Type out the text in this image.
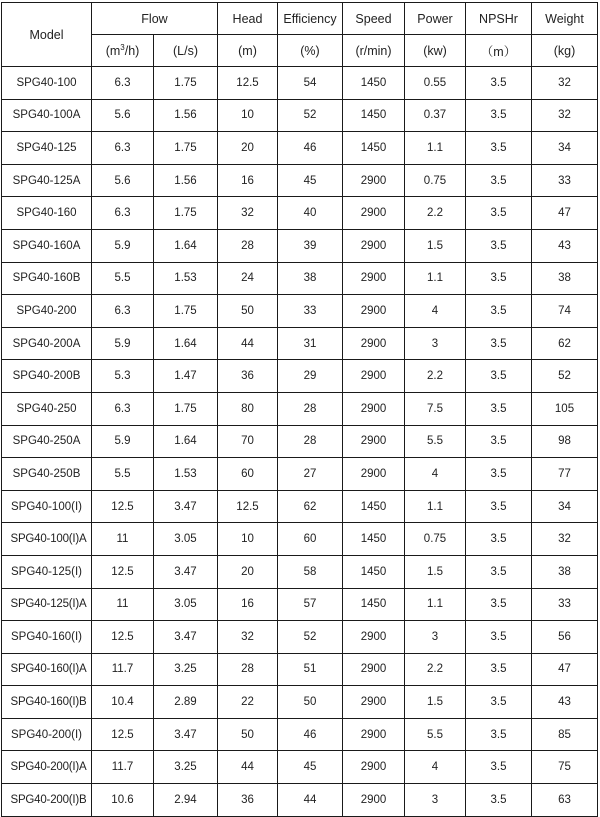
Model	Flow		Head	Efficiency	Speed	Power	NPSHr	Weight
	$(m^3/h)$	(L/s)	(m)	(%)	(r/min)	(kw)	（m）	(kg)
SPG40-100	6.3	1.75	12.5	54	1450	0.55	3.5	32
SPG40-100A	5.6	1.56	10	52	1450	0.37	3.5	32
SPG40-125	6.3	1.75	20	46	1450	1.1	3.5	34
SPG40-125A	5.6	1.56	16	45	2900	0.75	3.5	33
SPG40-160	6.3	1.75	32	40	2900	2.2	3.5	47
SPG40-160A	5.9	1.64	28	39	2900	1.5	3.5	43
SPG40-160B	5.5	1.53	24	38	2900	1.1	3.5	38
SPG40-200	6.3	1.75	50	33	2900	4	3.5	74
SPG40-200A	5.9	1.64	44	31	2900	3	3.5	62
SPG40-200B	5.3	1.47	36	29	2900	2.2	3.5	52
SPG40-250	6.3	1.75	80	28	2900	7.5	3.5	105
SPG40-250A	5.9	1.64	70	28	2900	5.5	3.5	98
SPG40-250B	5.5	1.53	60	27	2900	4	3.5	77
SPG40-100(I)	12.5	3.47	12.5	62	1450	1.1	3.5	34
SPG40-100(I)A	11	3.05	10	60	1450	0.75	3.5	32
SPG40-125(I)	12.5	3.47	20	58	1450	1.5	3.5	38
SPG40-125(I)A	11	3.05	16	57	1450	1.1	3.5	33
SPG40-160(I)	12.5	3.47	32	52	2900	3	3.5	56
SPG40-160(I)A	11.7	3.25	28	51	2900	2.2	3.5	47
SPG40-160(I)B	10.4	2.89	22	50	2900	1.5	3.5	43
SPG40-200(I)	12.5	3.47	50	46	2900	5.5	3.5	85
SPG40-200(I)A	11.7	3.25	44	45	2900	4	3.5	75
SPG40-200(I)B	10.6	2.94	36	44	2900	3	3.5	63
